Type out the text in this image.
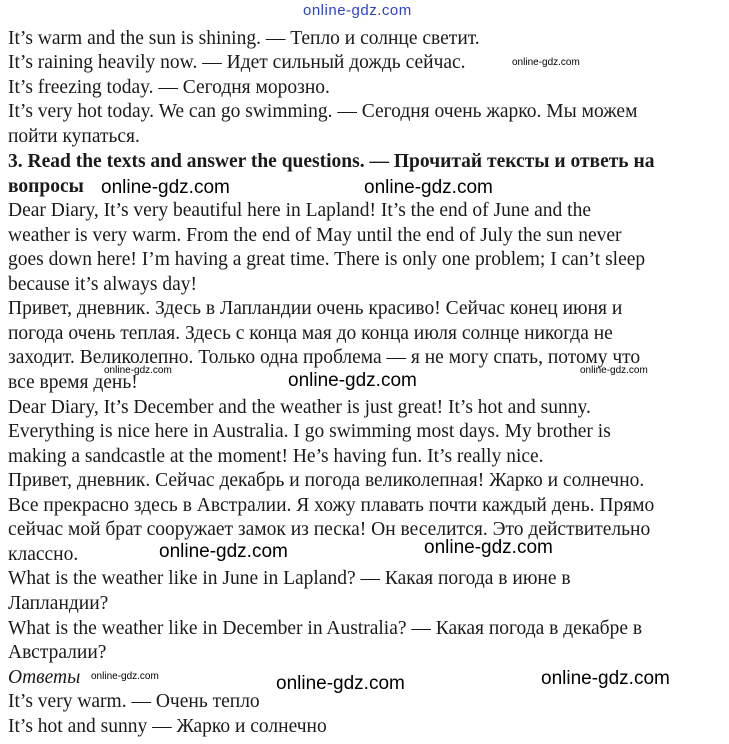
online-gdz.com
It’s warm and the sun is shining. — Тепло и солнце светит.
It’s raining heavily now. — Идет сильный дождь сейчас.
It’s freezing today. — Сегодня морозно.
It’s very hot today. We can go swimming. — Сегодня очень жарко. Мы можем
пойти купаться.
3. Read the texts and answer the questions. — Прочитай тексты и ответь на
вопросы
Dear Diary, It’s very beautiful here in Lapland! It’s the end of June and the
weather is very warm. From the end of May until the end of July the sun never
goes down here! I’m having a great time. There is only one problem; I can’t sleep
because it’s always day!
Привет, дневник. Здесь в Лапландии очень красиво! Сейчас конец июня и
погода очень теплая. Здесь с конца мая до конца июля солнце никогда не
заходит. Великолепно. Только одна проблема — я не могу спать, потому что
все время день!
Dear Diary, It’s December and the weather is just great! It’s hot and sunny.
Everything is nice here in Australia. I go swimming most days. My brother is
making a sandcastle at the moment! He’s having fun. It’s really nice.
Привет, дневник. Сейчас декабрь и погода великолепная! Жарко и солнечно.
Все прекрасно здесь в Австралии. Я хожу плавать почти каждый день. Прямо
сейчас мой брат сооружает замок из песка! Он веселится. Это действительно
классно.
What is the weather like in June in Lapland? — Какая погода в июне в
Лапландии?
What is the weather like in December in Australia? — Какая погода в декабре в
Австралии?
Ответы
It’s very warm. — Очень тепло
It’s hot and sunny — Жарко и солнечно
online-gdz.com
online-gdz.com	online-gdz.com
online-gdz.com	online-gdz.com	online-gdz.com
online-gdz.com	online-gdz.com
online-gdz.com	online-gdz.com	online-gdz.com
